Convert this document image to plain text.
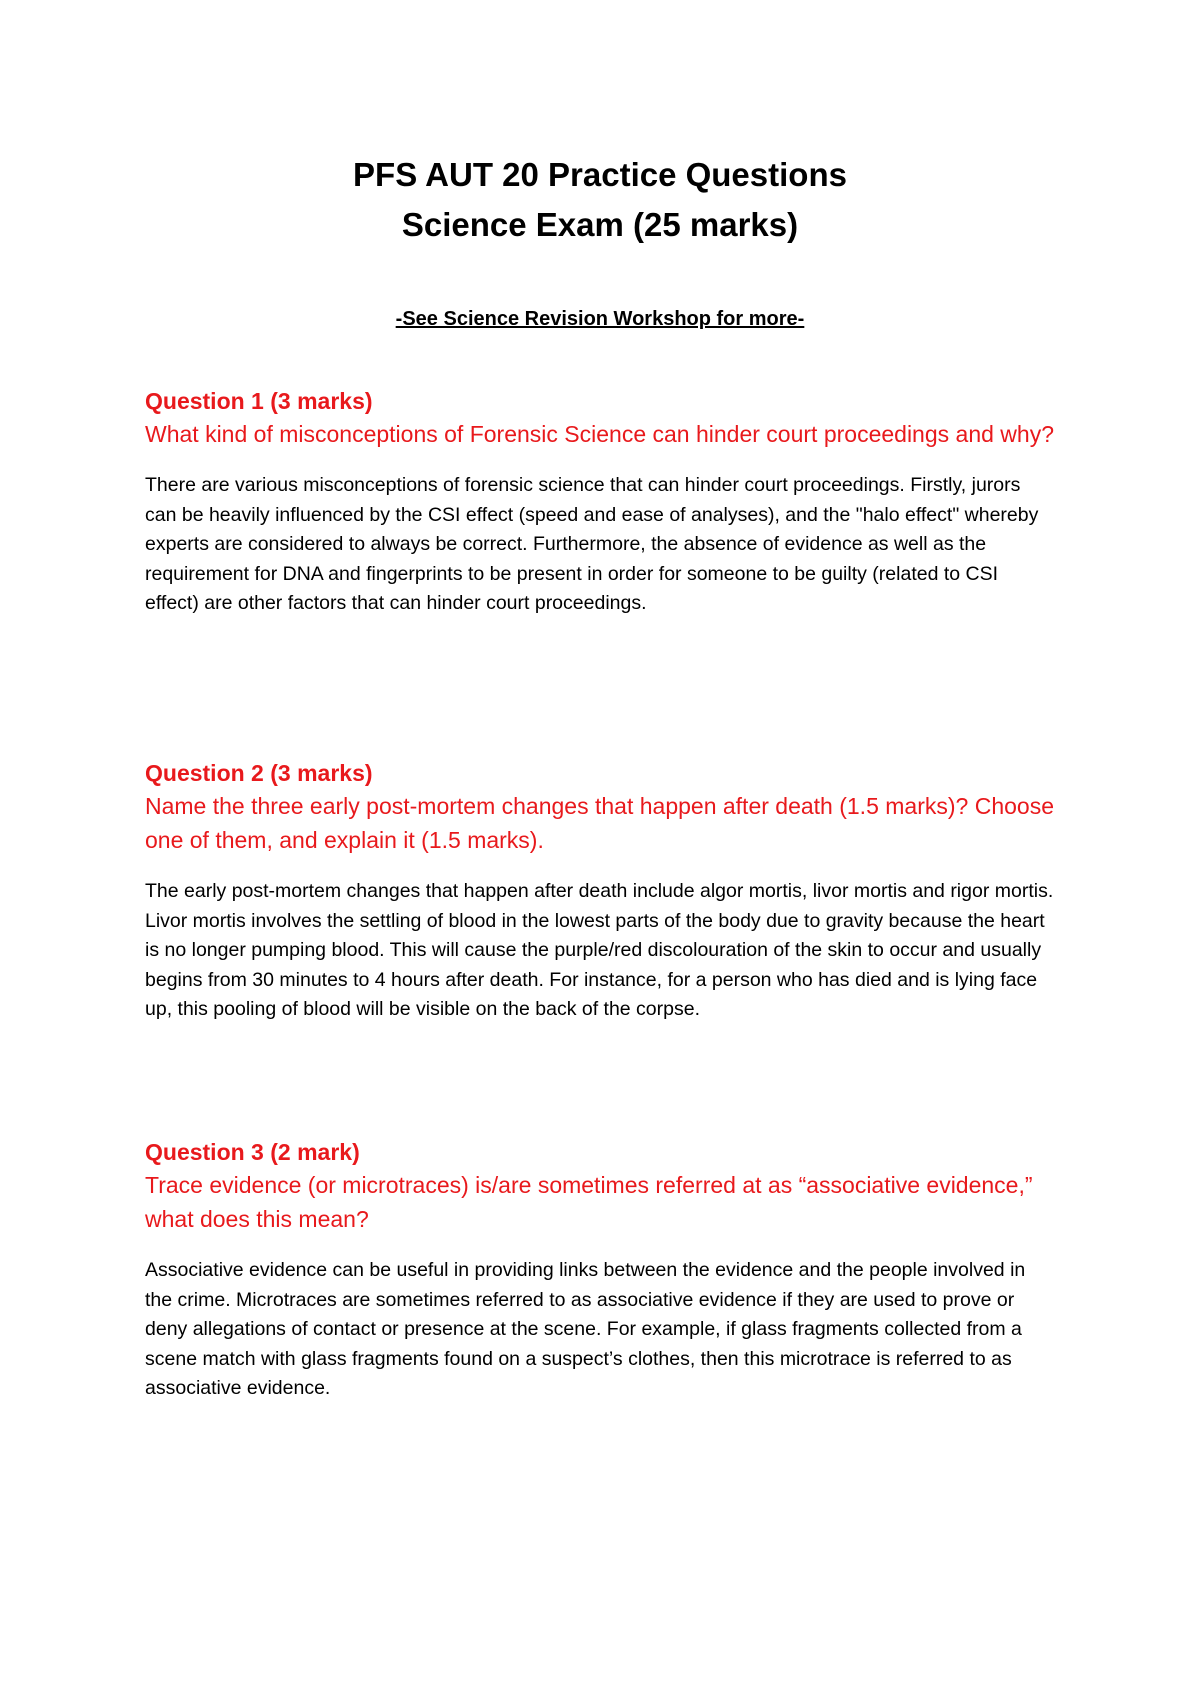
PFS AUT 20 Practice Questions

Science Exam (25 marks)

-See Science Revision Workshop for more-

Question 1 (3 marks)

What kind of misconceptions of Forensic Science can hinder court proceedings and why?

There are various misconceptions of forensic science that can hinder court proceedings. Firstly, jurors can be heavily influenced by the CSI effect (speed and ease of analyses), and the "halo effect" whereby experts are considered to always be correct. Furthermore, the absence of evidence as well as the requirement for DNA and fingerprints to be present in order for someone to be guilty (related to CSI effect) are other factors that can hinder court proceedings.

Question 2 (3 marks)

Name the three early post-mortem changes that happen after death (1.5 marks)? Choose one of them, and explain it (1.5 marks).

The early post-mortem changes that happen after death include algor mortis, livor mortis and rigor mortis. Livor mortis involves the settling of blood in the lowest parts of the body due to gravity because the heart is no longer pumping blood. This will cause the purple/red discolouration of the skin to occur and usually begins from 30 minutes to 4 hours after death. For instance, for a person who has died and is lying face up, this pooling of blood will be visible on the back of the corpse.

Question 3 (2 mark)

Trace evidence (or microtraces) is/are sometimes referred at as “associative evidence,” what does this mean?

Associative evidence can be useful in providing links between the evidence and the people involved in the crime. Microtraces are sometimes referred to as associative evidence if they are used to prove or deny allegations of contact or presence at the scene. For example, if glass fragments collected from a scene match with glass fragments found on a suspect’s clothes, then this microtrace is referred to as associative evidence.
